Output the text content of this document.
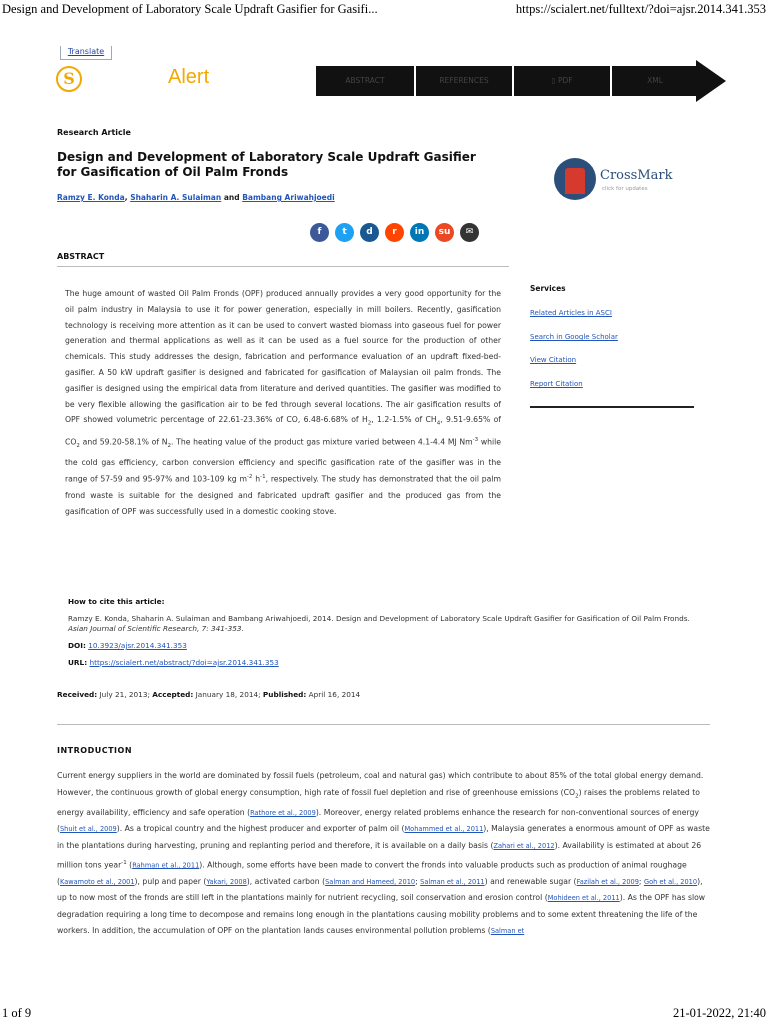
Design and Development of Laboratory Scale Updraft Gasifier for Gasifi...	https://scialert.net/fulltext/?doi=ajsr.2014.341.353
Translate
S	Alert	ABSTRACT	REFERENCES	▯ PDF	XML
Research Article
Design and Development of Laboratory Scale Updraft Gasifier for Gasification of Oil Palm Fronds
Ramzy E. Konda, Shaharin A. Sulaiman and Bambang Ariwahjoedi
CrossMark
click for updates
f	t	d	r	in	su	✉
ABSTRACT
The huge amount of wasted Oil Palm Fronds (OPF) produced annually provides a very good opportunity for the oil palm industry in Malaysia to use it for power generation, especially in mill boilers. Recently, gasification technology is receiving more attention as it can be used to convert wasted biomass into gaseous fuel for power generation and thermal applications as well as it can be used as a fuel source for the production of other chemicals. This study addresses the design, fabrication and performance evaluation of an updraft fixed-bed-gasifier. A 50 kW updraft gasifier is designed and fabricated for gasification of Malaysian oil palm fronds. The gasifier is designed using the empirical data from literature and derived quantities. The gasifier was modified to be very flexible allowing the gasification air to be fed through several locations. The air gasification results of OPF showed volumetric percentage of 22.61-23.36% of CO, 6.48-6.68% of $H_2$, 1.2-1.5% of $CH_4$, 9.51-9.65% of $CO_2$ and 59.20-58.1% of $N_2$. The heating value of the product gas mixture varied between 4.1-4.4 MJ $Nm^{-3}$ while the cold gas efficiency, carbon conversion efficiency and specific gasification rate of the gasifier was in the range of 57-59 and 95-97% and 103-109 kg $m^{-2}$ $h^{-1}$, respectively. The study has demonstrated that the oil palm frond waste is suitable for the designed and fabricated updraft gasifier and the produced gas from the gasification of OPF was successfully used in a domestic cooking stove.
Services
Related Articles in ASCI
Search in Google Scholar
View Citation
Report Citation
How to cite this article:
Ramzy E. Konda, Shaharin A. Sulaiman and Bambang Ariwahjoedi, 2014. Design and Development of Laboratory Scale Updraft Gasifier for Gasification of Oil Palm Fronds. Asian Journal of Scientific Research, 7: 341-353.
DOI: 10.3923/ajsr.2014.341.353
URL: https://scialert.net/abstract/?doi=ajsr.2014.341.353
Received: July 21, 2013; Accepted: January 18, 2014; Published: April 16, 2014
INTRODUCTION
Current energy suppliers in the world are dominated by fossil fuels (petroleum, coal and natural gas) which contribute to about 85% of the total global energy demand. However, the continuous growth of global energy consumption, high rate of fossil fuel depletion and rise of greenhouse emissions $(CO_2)$ raises the problems related to energy availability, efficiency and safe operation (Rathore et al., 2009). Moreover, energy related problems enhance the research for non-conventional sources of energy (Shuit et al., 2009). As a tropical country and the highest producer and exporter of palm oil (Mohammed et al., 2011), Malaysia generates a enormous amount of OPF as waste in the plantations during harvesting, pruning and replanting period and therefore, it is available on a daily basis (Zahari et al., 2012). Availability is estimated at about 26 million tons year$^{-1}$ (Rahman et al., 2011). Although, some efforts have been made to convert the fronds into valuable products such as production of animal roughage (Kawamoto et al., 2001), pulp and paper (Yakari, 2008), activated carbon (Salman and Hameed, 2010; Salman et al., 2011) and renewable sugar (Fazilah et al., 2009; Goh et al., 2010), up to now most of the fronds are still left in the plantations mainly for nutrient recycling, soil conservation and erosion control (Mohideen et al., 2011). As the OPF has slow degradation requiring a long time to decompose and remains long enough in the plantations causing mobility problems and to some extent threatening the life of the workers. In addition, the accumulation of OPF on the plantation lands causes environmental pollution problems (Salman et
1 of 9	21-01-2022, 21:40
